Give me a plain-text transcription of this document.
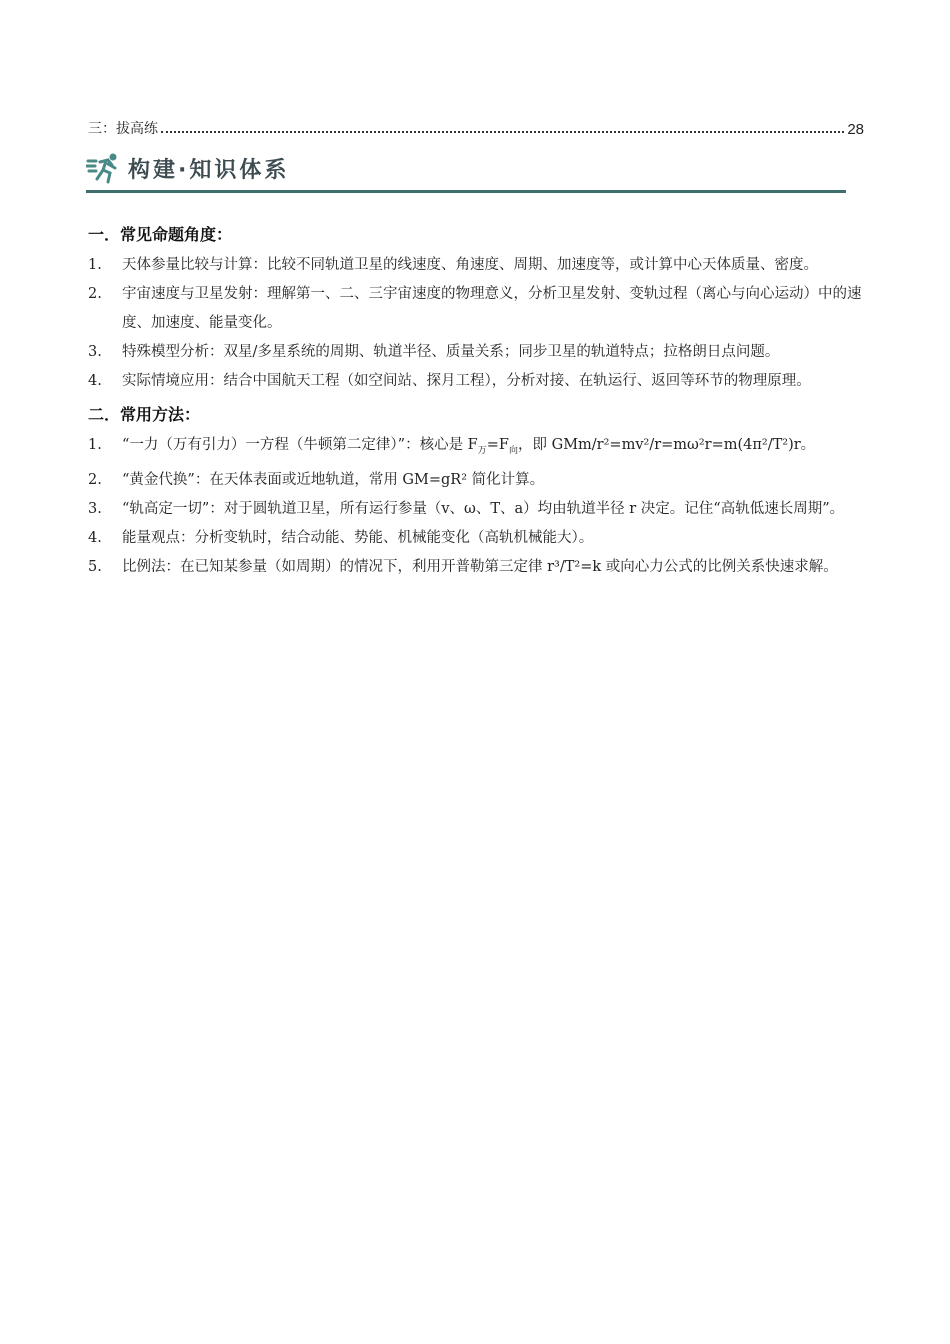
三：拔高练	28
构建·知识体系
一．常见命题角度：
1. 天体参量比较与计算：比较不同轨道卫星的线速度、角速度、周期、加速度等，或计算中心天体质量、密度。
2. 宇宙速度与卫星发射：理解第一、二、三宇宙速度的物理意义，分析卫星发射、变轨过程（离心与向心运动）中的速度、加速度、能量变化。
3. 特殊模型分析：双星/多星系统的周期、轨道半径、质量关系；同步卫星的轨道特点；拉格朗日点问题。
4. 实际情境应用：结合中国航天工程（如空间站、探月工程），分析对接、在轨运行、返回等环节的物理原理。
二．常用方法：
1. “一力（万有引力）一方程（牛顿第二定律）”：核心是 $F_万=F_向$，即 GMm/r²=mv²/r=mω²r=m(4π²/T²)r。
2. “黄金代换”：在天体表面或近地轨道，常用 GM=gR² 简化计算。
3. “轨高定一切”：对于圆轨道卫星，所有运行参量（v、ω、T、a）均由轨道半径 r 决定。记住“高轨低速长周期”。
4. 能量观点：分析变轨时，结合动能、势能、机械能变化（高轨机械能大）。
5. 比例法：在已知某参量（如周期）的情况下，利用开普勒第三定律 r³/T²=k 或向心力公式的比例关系快速求解。
